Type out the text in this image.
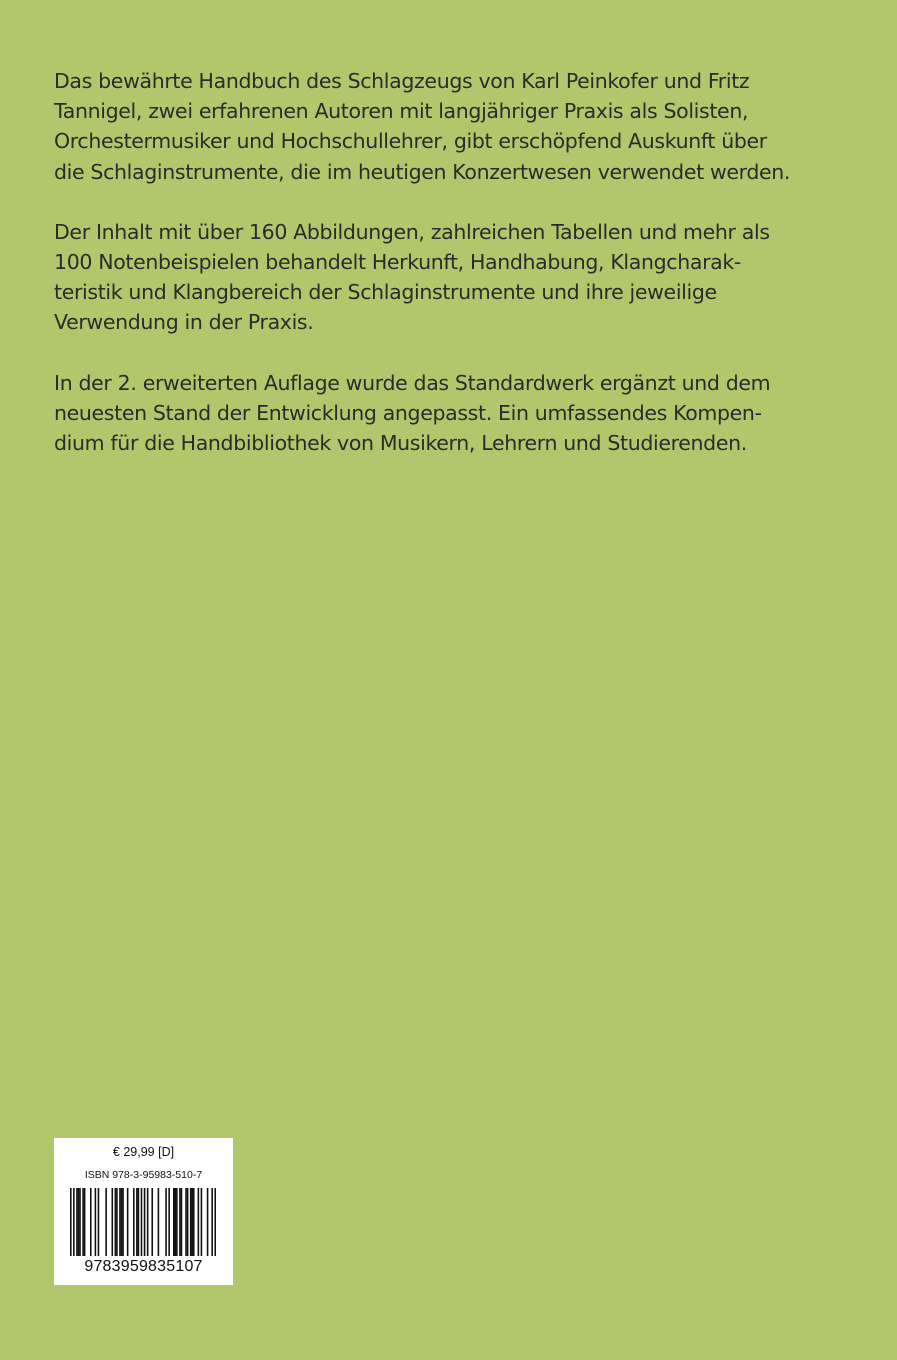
Das bewährte Handbuch des Schlagzeugs von Karl Peinkofer und Fritz
Tannigel, zwei erfahrenen Autoren mit langjähriger Praxis als Solisten,
Orchestermusiker und Hochschullehrer, gibt erschöpfend Auskunft über
die Schlaginstrumente, die im heutigen Konzertwesen verwendet werden.

Der Inhalt mit über 160 Abbildungen, zahlreichen Tabellen und mehr als
100 Notenbeispielen behandelt Herkunft, Handhabung, Klangcharak-
teristik und Klangbereich der Schlaginstrumente und ihre jeweilige
Verwendung in der Praxis.

In der 2. erweiterten Auflage wurde das Standardwerk ergänzt und dem
neuesten Stand der Entwicklung angepasst. Ein umfassendes Kompen-
dium für die Handbibliothek von Musikern, Lehrern und Studierenden.

€ 29,99 [D]
ISBN 978-3-95983-510-7
9783959835107
